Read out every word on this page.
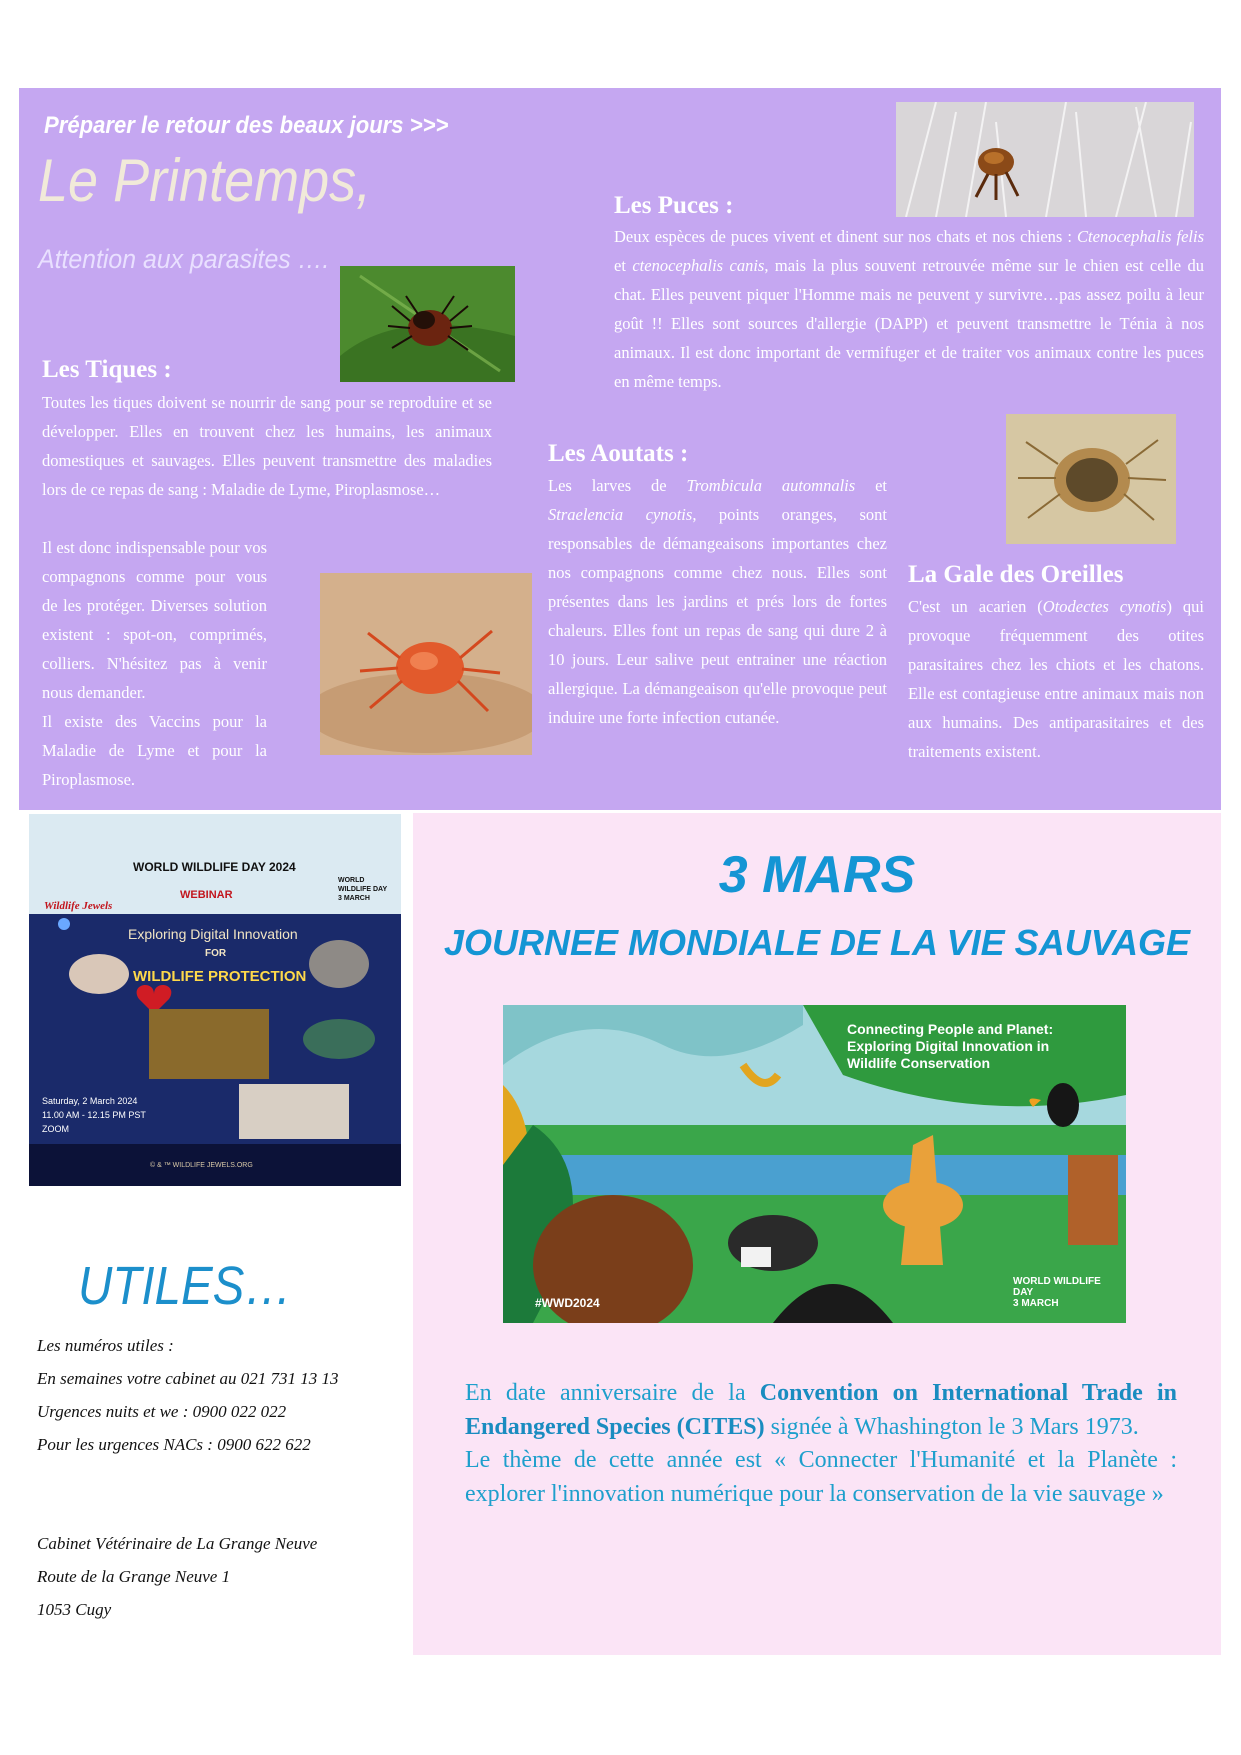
Préparer le retour des beaux jours >>>
Le Printemps,
Attention aux parasites ….
Les Tiques :
Toutes les tiques doivent se nourrir de sang pour se reproduire et se développer. Elles en trouvent chez les humains, les animaux domestiques et sauvages. Elles peuvent transmettre des maladies lors de ce repas de sang : Maladie de Lyme, Piroplasmose…
Il est donc indispensable pour vos compagnons comme pour vous de les protéger. Diverses solution existent : spot-on, comprimés, colliers. N'hésitez pas à venir nous demander.
Il existe des Vaccins pour la Maladie de Lyme et pour la Piroplasmose.
Les Puces :
Deux espèces de puces vivent et dinent sur nos chats et nos chiens : Ctenocephalis felis et ctenocephalis canis, mais la plus souvent retrouvée même sur le chien est celle du chat. Elles peuvent piquer l'Homme mais ne peuvent y survivre…pas assez poilu à leur goût !! Elles sont sources d'allergie (DAPP) et peuvent transmettre le Ténia à nos animaux. Il est donc important de vermifuger et de traiter vos animaux contre les puces en même temps.
Les Aoutats :
Les larves de Trombicula automnalis et Straelencia cynotis, points oranges, sont responsables de démangeaisons importantes chez nos compagnons comme chez nous. Elles sont présentes dans les jardins et prés lors de fortes chaleurs. Elles font un repas de sang qui dure 2 à 10 jours. Leur salive peut entrainer une réaction allergique. La démangeaison qu'elle provoque peut induire une forte infection cutanée.
La Gale des Oreilles
C'est un acarien (Otodectes cynotis) qui provoque fréquemment des otites parasitaires chez les chiots et les chatons. Elle est contagieuse entre animaux mais non aux humains. Des antiparasitaires et des traitements existent.
WORLD WILDLIFE DAY 2024
WEBINAR
Wildlife Jewels
WORLD WILDLIFE DAY
3 MARCH
Exploring Digital Innovation
FOR
WILDLIFE PROTECTION
Saturday, 2 March 2024
11.00 AM - 12.15 PM PST
ZOOM
© & ™ WILDLIFE JEWELS.ORG
3 MARS
JOURNEE MONDIALE DE LA VIE SAUVAGE
Connecting People and Planet: Exploring Digital Innovation in Wildlife Conservation
#WWD2024
WORLD WILDLIFE DAY
3 MARCH
En date anniversaire de la Convention on International Trade in Endangered Species (CITES) signée à Whashington le 3 Mars 1973.
Le thème de cette année est « Connecter l'Humanité et la Planète : explorer l'innovation numérique pour la conservation de la vie sauvage »
UTILES…
Les numéros utiles :
En semaines votre cabinet au 021 731 13 13
Urgences nuits et we : 0900 022 022
Pour les urgences NACs : 0900 622 622
Cabinet Vétérinaire de La Grange Neuve
Route de la Grange Neuve 1
1053 Cugy
